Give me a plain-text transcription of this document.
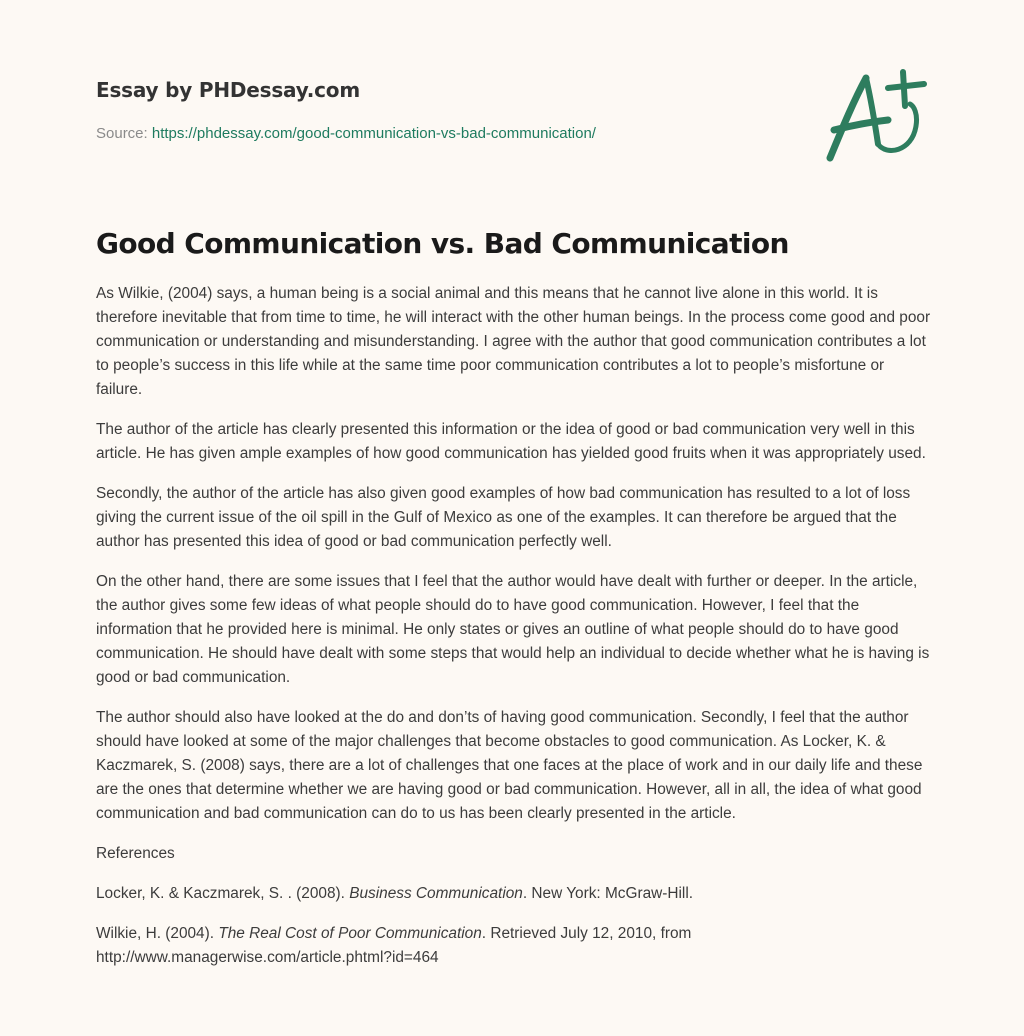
Essay by PHDessay.com
Source: https://phdessay.com/good-communication-vs-bad-communication/
Good Communication vs. Bad Communication

As Wilkie, (2004) says, a human being is a social animal and this means that he cannot live alone in this world. It is therefore inevitable that from time to time, he will interact with the other human beings. In the process come good and poor communication or understanding and misunderstanding. I agree with the author that good communication contributes a lot to people’s success in this life while at the same time poor communication contributes a lot to people’s misfortune or failure.

The author of the article has clearly presented this information or the idea of good or bad communication very well in this article. He has given ample examples of how good communication has yielded good fruits when it was appropriately used.

Secondly, the author of the article has also given good examples of how bad communication has resulted to a lot of loss giving the current issue of the oil spill in the Gulf of Mexico as one of the examples. It can therefore be argued that the author has presented this idea of good or bad communication perfectly well.

On the other hand, there are some issues that I feel that the author would have dealt with further or deeper. In the article, the author gives some few ideas of what people should do to have good communication. However, I feel that the information that he provided here is minimal. He only states or gives an outline of what people should do to have good communication. He should have dealt with some steps that would help an individual to decide whether what he is having is good or bad communication.

The author should also have looked at the do and don’ts of having good communication. Secondly, I feel that the author should have looked at some of the major challenges that become obstacles to good communication. As Locker, K. & Kaczmarek, S. (2008) says, there are a lot of challenges that one faces at the place of work and in our daily life and these are the ones that determine whether we are having good or bad communication. However, all in all, the idea of what good communication and bad communication can do to us has been clearly presented in the article.

References

Locker, K. & Kaczmarek, S. . (2008). Business Communication. New York: McGraw-Hill.

Wilkie, H. (2004). The Real Cost of Poor Communication. Retrieved July 12, 2010, from http://www.managerwise.com/article.phtml?id=464
